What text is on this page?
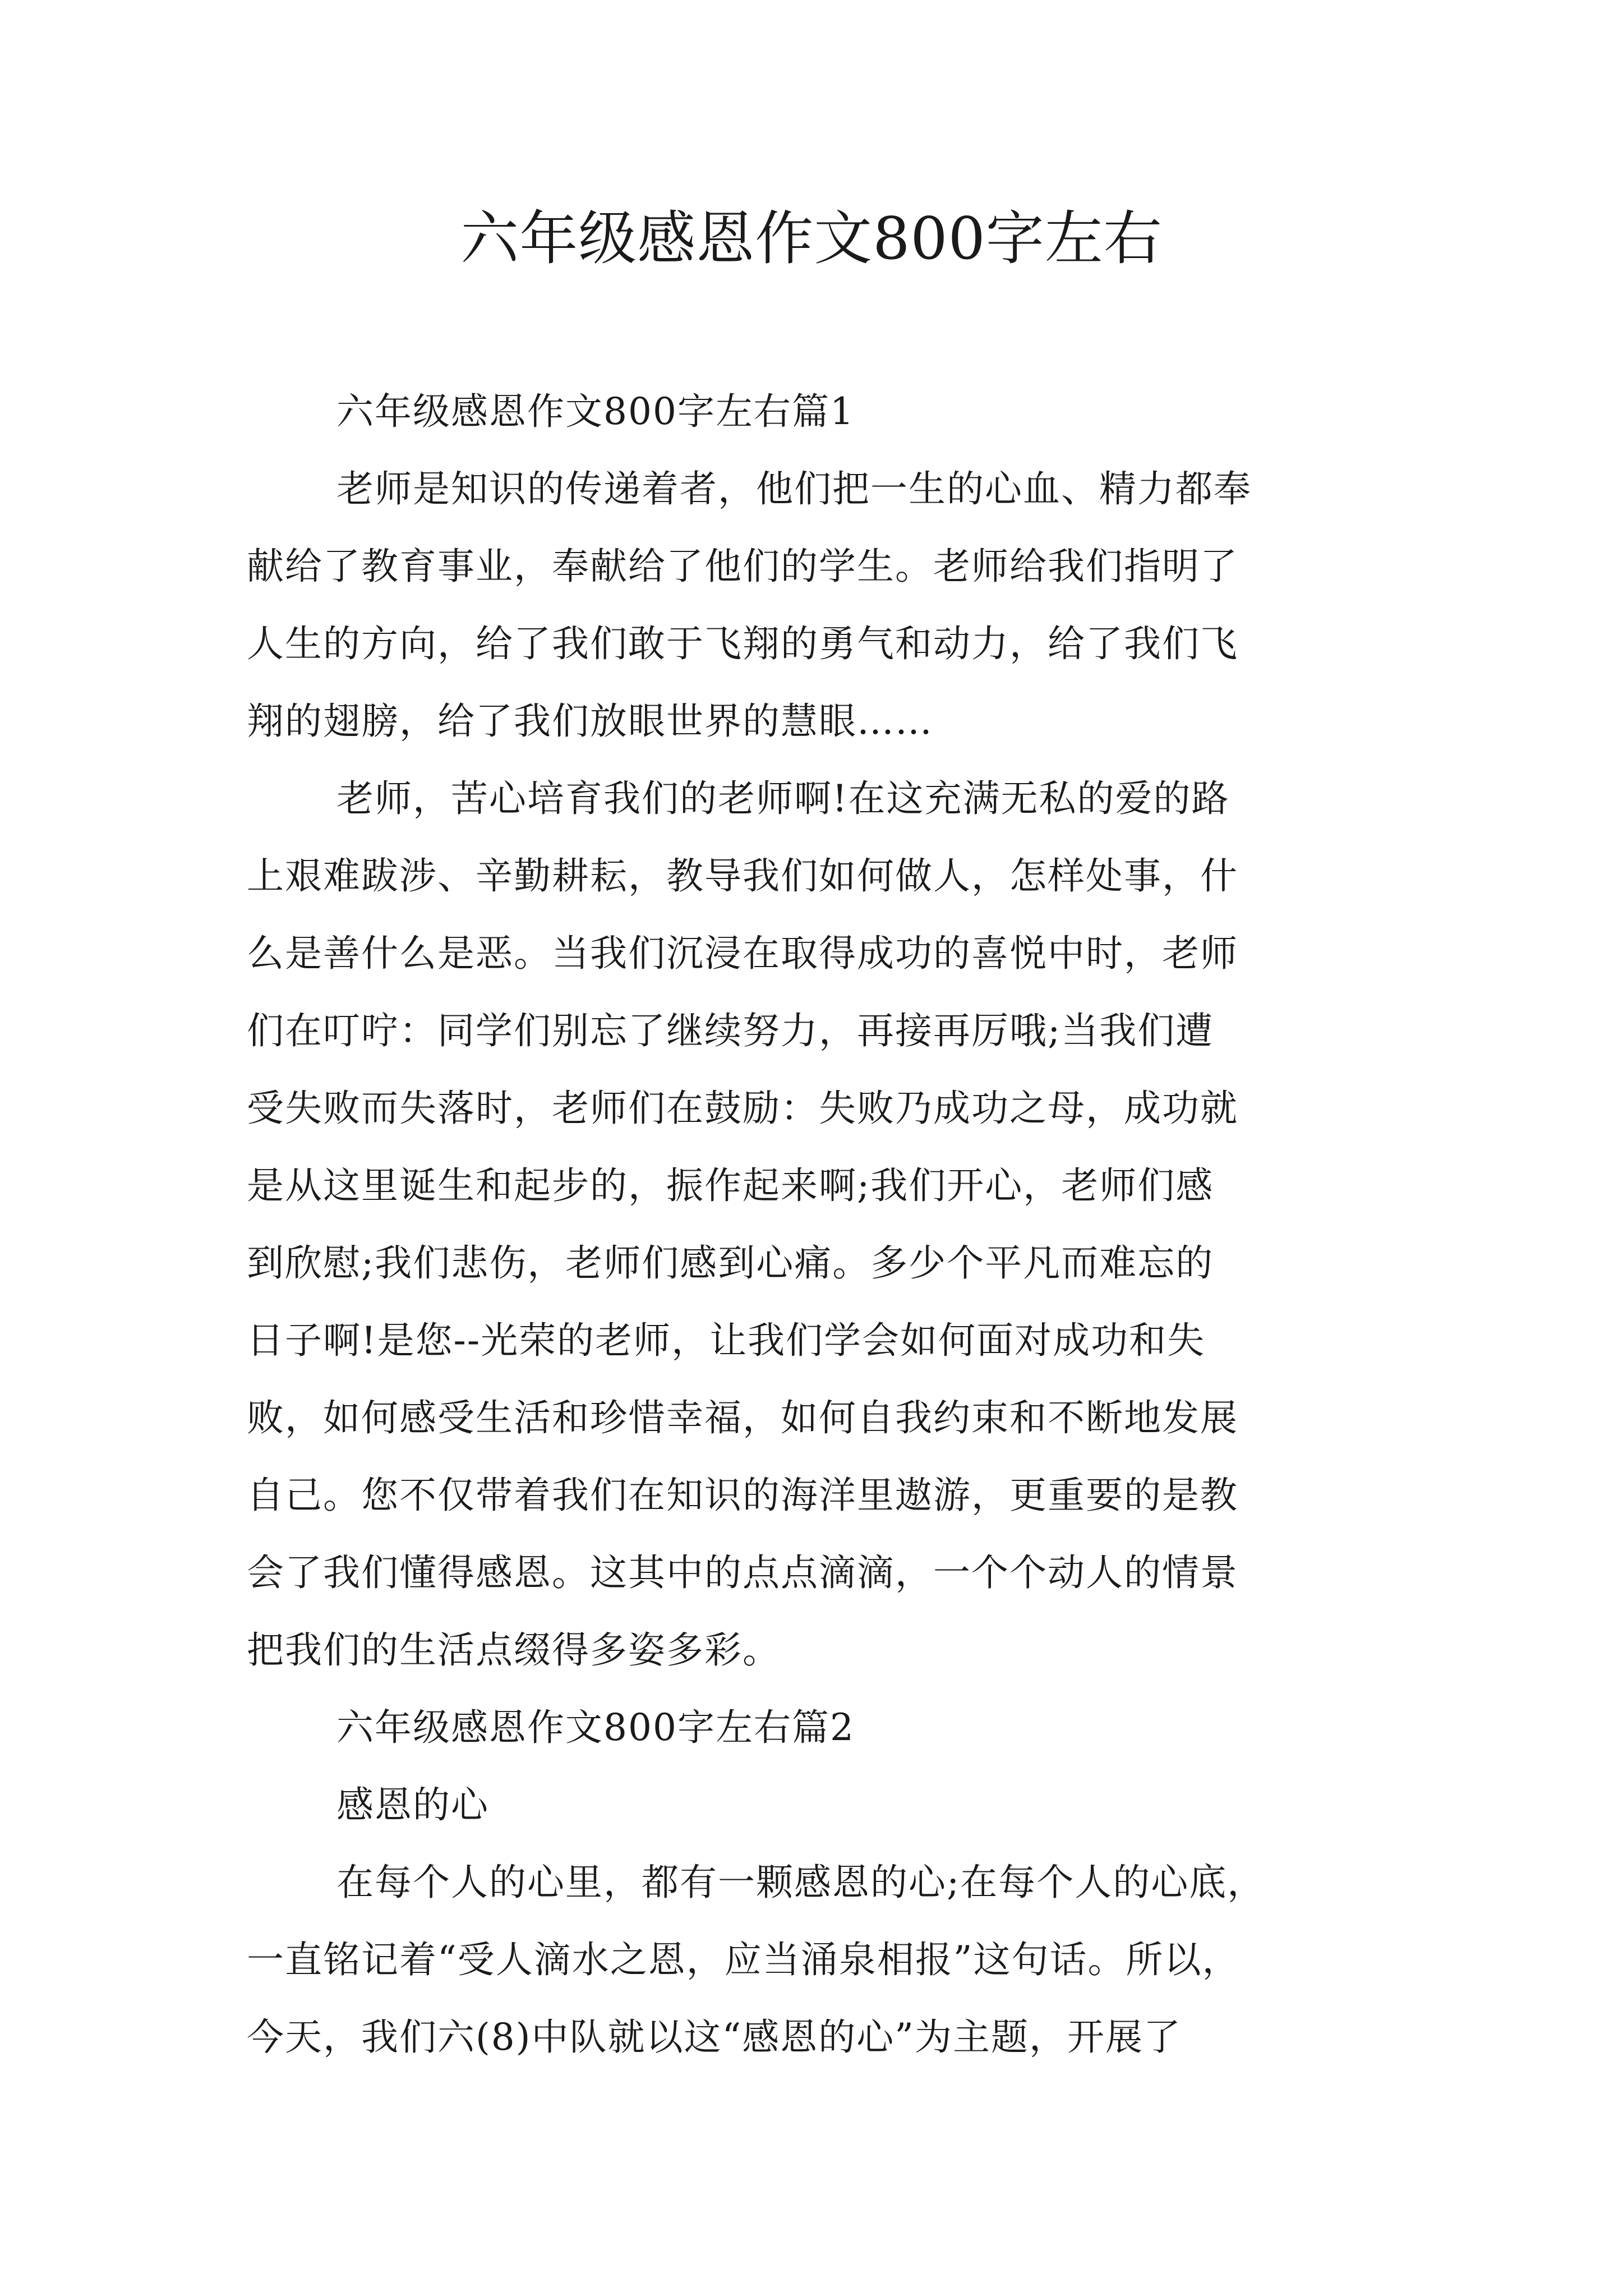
六年级感恩作文800字左右
六年级感恩作文800字左右篇1
老师是知识的传递着者，他们把一生的心血、精力都奉
献给了教育事业，奉献给了他们的学生。老师给我们指明了
人生的方向，给了我们敢于飞翔的勇气和动力，给了我们飞
翔的翅膀，给了我们放眼世界的慧眼……
老师，苦心培育我们的老师啊!在这充满无私的爱的路
上艰难跋涉、辛勤耕耘，教导我们如何做人，怎样处事，什
么是善什么是恶。当我们沉浸在取得成功的喜悦中时，老师
们在叮咛：同学们别忘了继续努力，再接再厉哦;当我们遭
受失败而失落时，老师们在鼓励：失败乃成功之母，成功就
是从这里诞生和起步的，振作起来啊;我们开心，老师们感
到欣慰;我们悲伤，老师们感到心痛。多少个平凡而难忘的
日子啊!是您--光荣的老师，让我们学会如何面对成功和失
败，如何感受生活和珍惜幸福，如何自我约束和不断地发展
自己。您不仅带着我们在知识的海洋里遨游，更重要的是教
会了我们懂得感恩。这其中的点点滴滴，一个个动人的情景
把我们的生活点缀得多姿多彩。
六年级感恩作文800字左右篇2
感恩的心
在每个人的心里，都有一颗感恩的心;在每个人的心底，
一直铭记着“受人滴水之恩，应当涌泉相报”这句话。所以，
今天，我们六(8)中队就以这“感恩的心”为主题，开展了
